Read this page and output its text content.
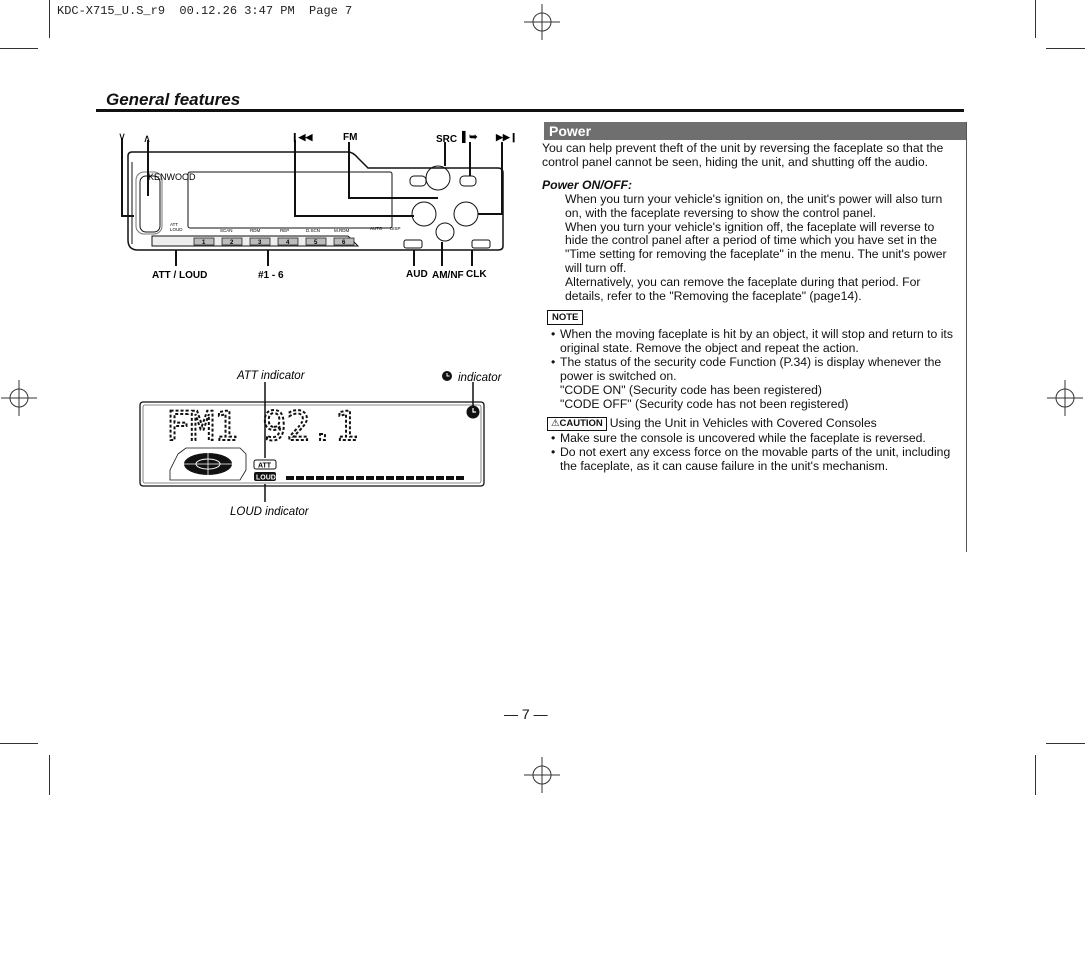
KDC-X715_U.S_r9  00.12.26 3:47 PM  Page 7
General features
1	2	3	4	5	6
KENWOOD
∨ ∧	❙◀◀	FM	SRC ▌➥ ▶▶❙
ATT / LOUD	#1 - 6	AUD AM/NF CLK
ATT
LOUD	SCAN	RDM	REP	D.SCN	M.RDM	AUTO DISP
FM1 92.1
ATT
LOUD
ATT indicator	indicator
LOUD indicator
Power

You can help prevent theft of the unit by reversing the faceplate so that the control panel cannot be seen, hiding the unit, and shutting off the audio.

Power ON/OFF:

When you turn your vehicle's ignition on, the unit's power will also turn on, with the faceplate reversing to show the control panel.

When you turn your vehicle's ignition off, the faceplate will reverse to hide the control panel after a period of time which you have set in the "Time setting for removing the faceplate" in the menu. The unit's power will turn off.

Alternatively, you can remove the faceplate during that period. For details, refer to the "Removing the faceplate" (page14).

NOTE
• When the moving faceplate is hit by an object, it will stop and return to its original state. Remove the object and repeat the action.
• The status of the security code Function (P.34) is display whenever the power is switched on.
"CODE ON" (Security code has been registered)
"CODE OFF" (Security code has not been registered)
⚠CAUTION Using the Unit in Vehicles with Covered Consoles
• Make sure the console is uncovered while the faceplate is reversed.
• Do not exert any excess force on the movable parts of the unit, including the faceplate, as it can cause failure in the unit's mechanism.
— 7 —
